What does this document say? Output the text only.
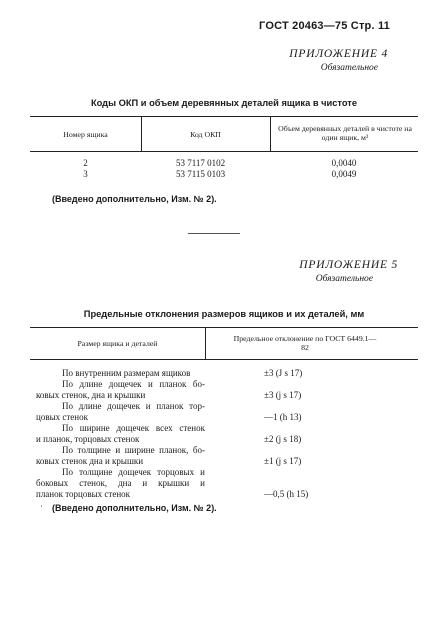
ГОСТ 20463—75 Стр. 11
ПРИЛОЖЕНИЕ 4
Обязательное
Коды ОКП и объем деревянных деталей ящика в чистоте
Номер ящика	Код ОКП
Объем деревянных деталей в чистоте на один ящик, м³
2	53 7117 0102	0,0040
3	53 7115 0103	0,0049
(Введено дополнительно, Изм. № 2).
ПРИЛОЖЕНИЕ 5
Обязательное
Предельные отклонения размеров ящиков и их деталей, мм
Размер ящика и деталей
Предельное отклонение по ГОСТ 6449.1—82
По внутренним размерам ящиков	±3 (J s 17)
По длине дощечек и планок бо-
ковых стенок, дна и крышки	±3 (j s 17)
По длине дощечек и планок тор-
цовых стенок	—1 (h 13)
По ширине дощечек всех стенок
и планок, торцовых стенок	±2 (j s 18)
По толщине и ширине планок, бо-
ковых стенок дна и крышки	±1 (j s 17)
По толщине дощечек торцовых и
боковых стенок, дна и крышки и
планок торцовых стенок	—0,5 (h 15)
· (Введено дополнительно, Изм. № 2).
